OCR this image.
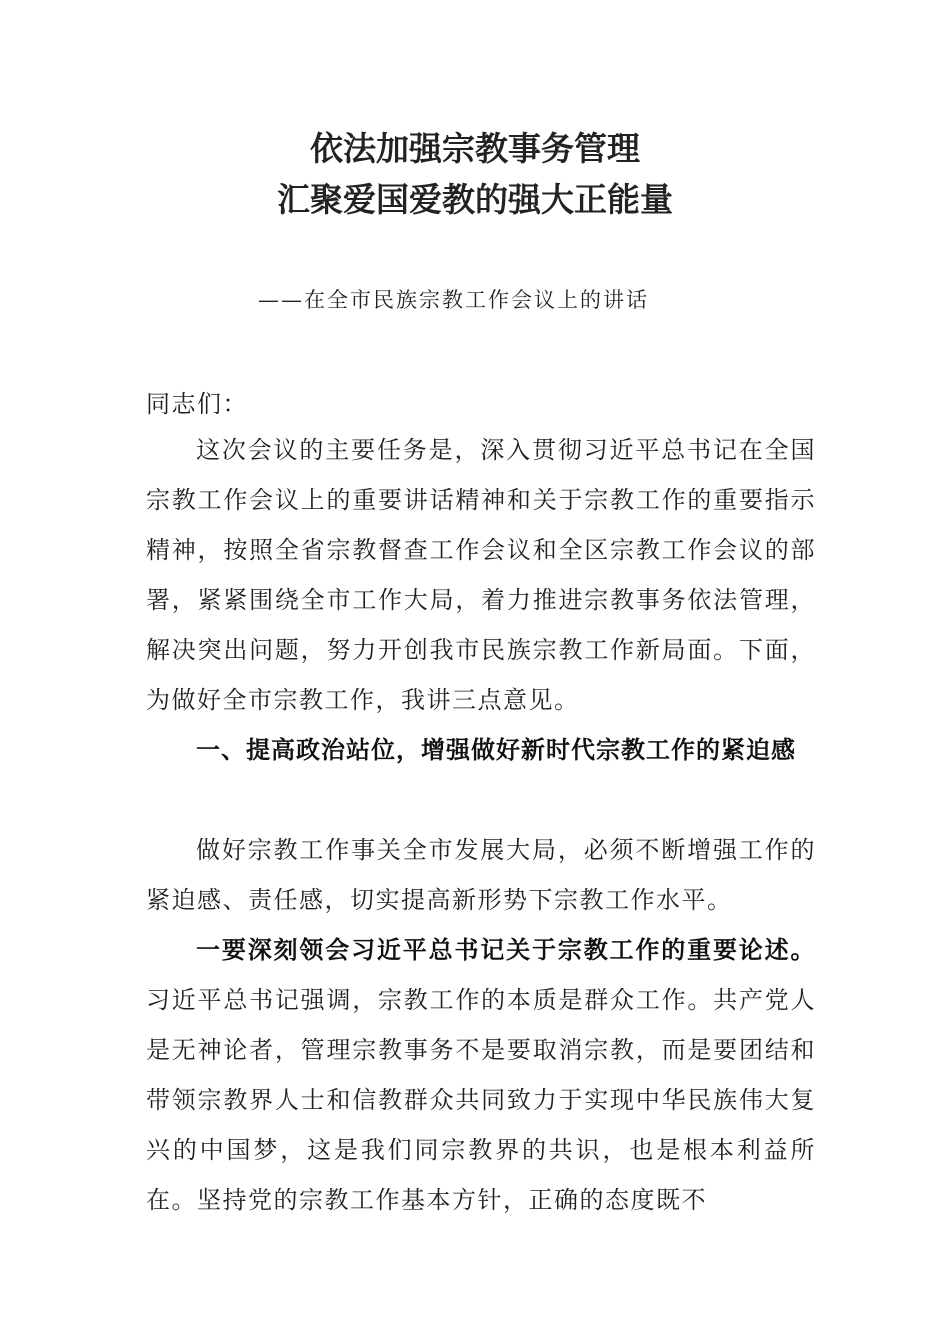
依法加强宗教事务管理
汇聚爱国爱教的强大正能量
——在全市民族宗教工作会议上的讲话

同志们：

这次会议的主要任务是，深入贯彻习近平总书记在全国宗教工作会议上的重要讲话精神和关于宗教工作的重要指示精神，按照全省宗教督查工作会议和全区宗教工作会议的部署，紧紧围绕全市工作大局，着力推进宗教事务依法管理，解决突出问题，努力开创我市民族宗教工作新局面。下面，为做好全市宗教工作，我讲三点意见。

一、提高政治站位，增强做好新时代宗教工作的紧迫感

做好宗教工作事关全市发展大局，必须不断增强工作的紧迫感、责任感，切实提高新形势下宗教工作水平。

一要深刻领会习近平总书记关于宗教工作的重要论述。习近平总书记强调，宗教工作的本质是群众工作。共产党人是无神论者，管理宗教事务不是要取消宗教，而是要团结和带领宗教界人士和信教群众共同致力于实现中华民族伟大复兴的中国梦，这是我们同宗教界的共识，也是根本利益所在。坚持党的宗教工作基本方针，正确的态度既不
